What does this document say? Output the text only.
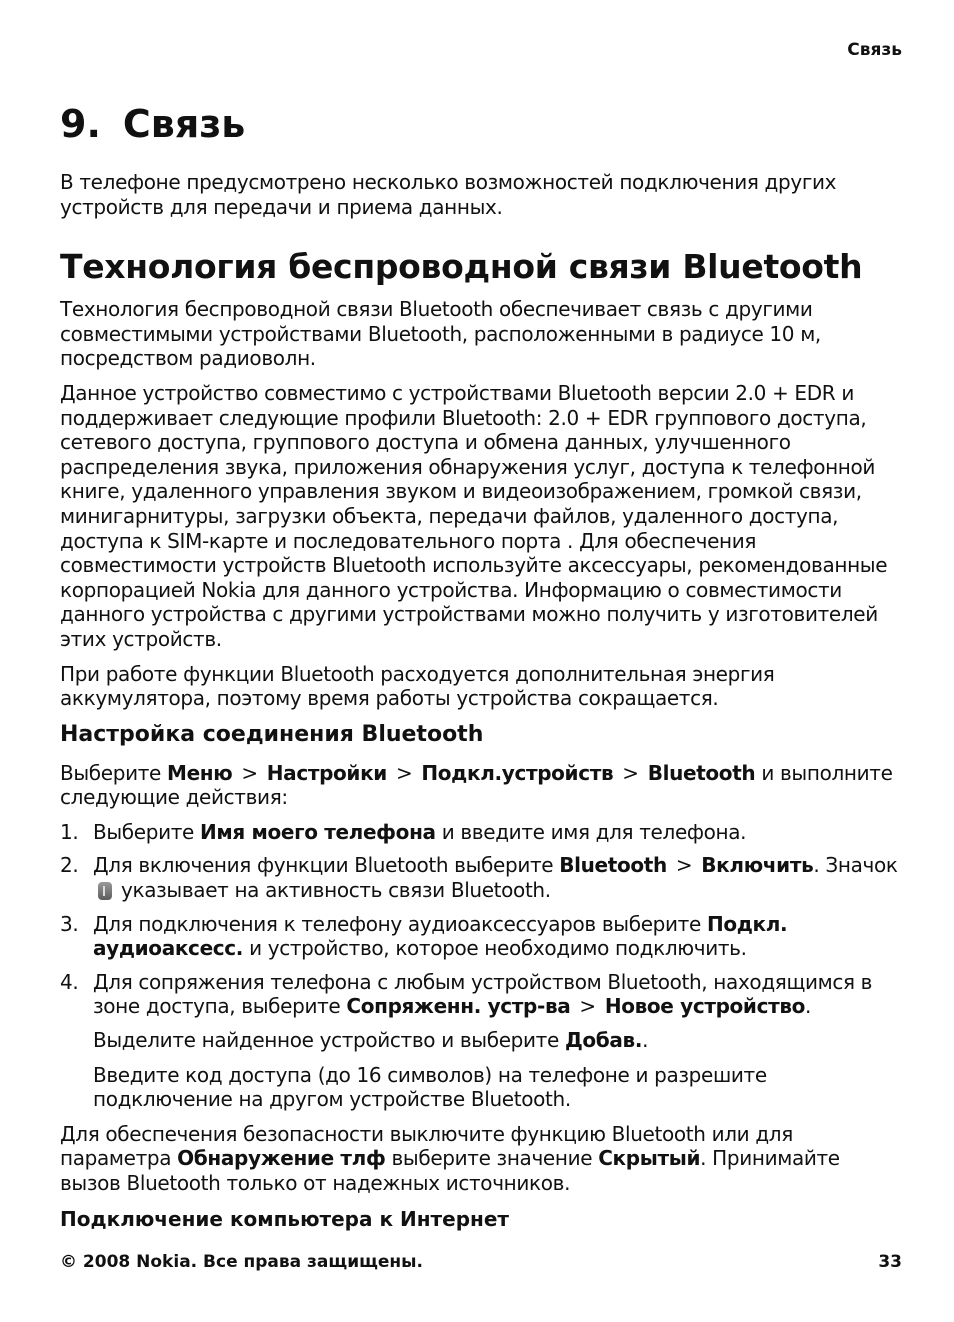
Связь
9. Связь

В телефоне предусмотрено несколько возможностей подключения других устройств для передачи и приема данных.

Технология беспроводной связи Bluetooth

Технология беспроводной связи Bluetooth обеспечивает связь с другими совместимыми устройствами Bluetooth, расположенными в радиусе 10 м, посредством радиоволн.

Данное устройство совместимо с устройствами Bluetooth версии 2.0 + EDR и поддерживает следующие профили Bluetooth: 2.0 + EDR группового доступа, сетевого доступа, группового доступа и обмена данных, улучшенного распределения звука, приложения обнаружения услуг, доступа к телефонной книге, удаленного управления звуком и видеоизображением, громкой связи, минигарнитуры, загрузки объекта, передачи файлов, удаленного доступа, доступа к SIM-карте и последовательного порта . Для обеспечения совместимости устройств Bluetooth используйте аксессуары, рекомендованные корпорацией Nokia для данного устройства. Информацию о совместимости данного устройства с другими устройствами можно получить у изготовителей этих устройств.

При работе функции Bluetooth расходуется дополнительная энергия аккумулятора, поэтому время работы устройства сокращается.

Настройка соединения Bluetooth

Выберите Меню > Настройки > Подкл.устройств > Bluetooth и выполните следующие действия:

1. Выберите Имя моего телефона и введите имя для телефона.
2. Для включения функции Bluetooth выберите Bluetooth > Включить. Значок
указывает на активность связи Bluetooth.
3. Для подключения к телефону аудиоаксессуаров выберите Подкл. аудиоаксесс. и устройство, которое необходимо подключить.
4. Для сопряжения телефона с любым устройством Bluetooth, находящимся в зоне доступа, выберите Сопряженн. устр-ва > Новое устройство.

Выделите найденное устройство и выберите Добав..

Введите код доступа (до 16 символов) на телефоне и разрешите подключение на другом устройстве Bluetooth.

Для обеспечения безопасности выключите функцию Bluetooth или для параметра Обнаружение тлф выберите значение Скрытый. Принимайте вызов Bluetooth только от надежных источников.

Подключение компьютера к Интернет
© 2008 Nokia. Все права защищены.	33
